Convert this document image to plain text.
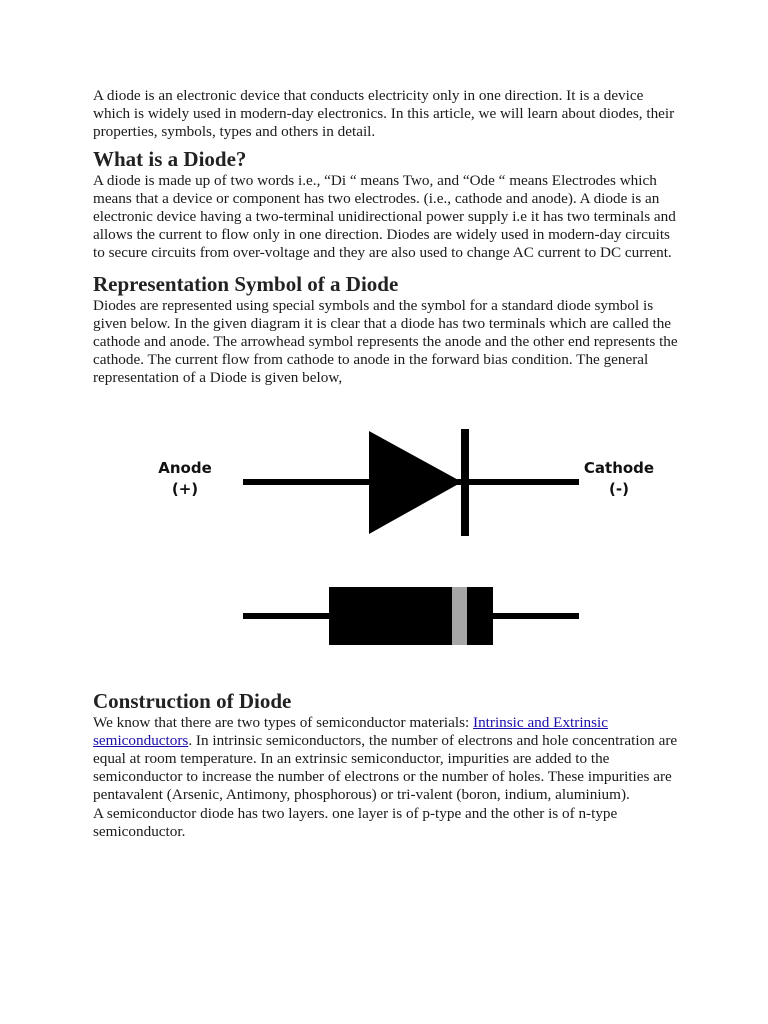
A diode is an electronic device that conducts electricity only in one direction. It is a device which is widely used in modern-day electronics. In this article, we will learn about diodes, their properties, symbols, types and others in detail.

What is a Diode?

A diode is made up of two words i.e., “Di “ means Two, and “Ode “ means Electrodes which means that a device or component has two electrodes. (i.e., cathode and anode). A diode is an electronic device having a two-terminal unidirectional power supply i.e it has two terminals and allows the current to flow only in one direction. Diodes are widely used in modern-day circuits to secure circuits from over-voltage and they are also used to change AC current to DC current.

Representation Symbol of a Diode

Diodes are represented using special symbols and the symbol for a standard diode symbol is given below. In the given diagram it is clear that a diode has two terminals which are called the cathode and anode. The arrowhead symbol represents the anode and the other end represents the cathode. The current flow from cathode to anode in the forward bias condition. The general representation of a Diode is given below,

Anode
(+)
Cathode
(-)
Construction of Diode

We know that there are two types of semiconductor materials: Intrinsic and Extrinsic semiconductors. In intrinsic semiconductors, the number of electrons and hole concentration are equal at room temperature. In an extrinsic semiconductor, impurities are added to the semiconductor to increase the number of electrons or the number of holes. These impurities are pentavalent (Arsenic, Antimony, phosphorous) or tri-valent (boron, indium, aluminium).

A semiconductor diode has two layers. one layer is of p-type and the other is of n-type semiconductor.
